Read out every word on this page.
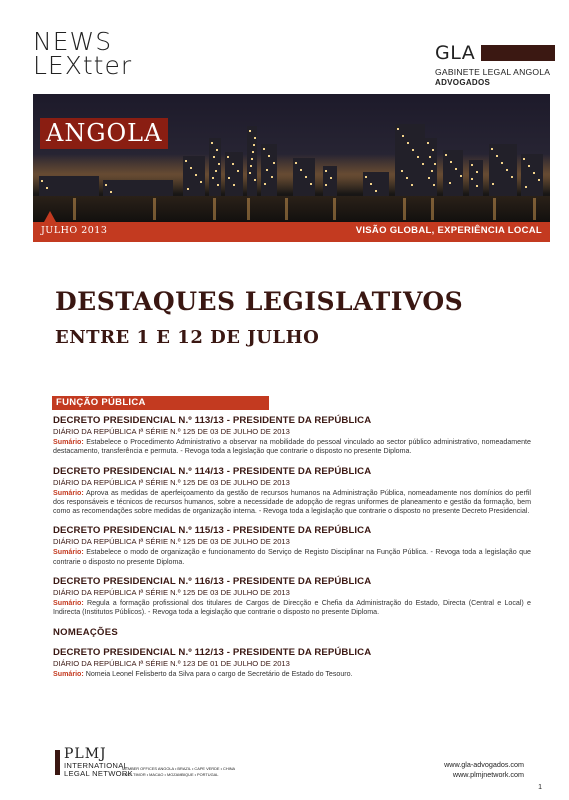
NEWS
LEXtter	GLA
GABINETE LEGAL ANGOLA
ADVOGADOS
ANGOLA
JULHO 2013	VISÃO GLOBAL, EXPERIÊNCIA LOCAL
DESTAQUES LEGISLATIVOS
ENTRE 1 E 12 DE JULHO
FUNÇÃO PÚBLICA
DECRETO PRESIDENCIAL N.º 113/13 - PRESIDENTE DA REPÚBLICA
DIÁRIO DA REPÚBLICA Iª SÉRIE N.º 125 DE 03 DE JULHO DE 2013
Sumário: Estabelece o Procedimento Administrativo a observar na mobilidade do pessoal vinculado ao sector público administrativo, nomeadamente destacamento, transferência e permuta. - Revoga toda a legislação que contrarie o disposto no presente Diploma.
DECRETO PRESIDENCIAL N.º 114/13 - PRESIDENTE DA REPÚBLICA
DIÁRIO DA REPÚBLICA Iª SÉRIE N.º 125 DE 03 DE JULHO DE 2013
Sumário: Aprova as medidas de aperfeiçoamento da gestão de recursos humanos na Administração Pública, nomeadamente nos domínios do perfil dos responsáveis e técnicos de recursos humanos, sobre a necessidade de adopção de regras uniformes de planeamento e gestão da formação, bem como as recomendações sobre medidas de organização interna. - Revoga toda a legislação que contrarie o disposto no presente Decreto Presidencial.
DECRETO PRESIDENCIAL N.º 115/13 - PRESIDENTE DA REPÚBLICA
DIÁRIO DA REPÚBLICA Iª SÉRIE N.º 125 DE 03 DE JULHO DE 2013
Sumário: Estabelece o modo de organização e funcionamento do Serviço de Registo Disciplinar na Função Pública. - Revoga toda a legislação que contrarie o disposto no presente Diploma.
DECRETO PRESIDENCIAL N.º 116/13 - PRESIDENTE DA REPÚBLICA
DIÁRIO DA REPÚBLICA Iª SÉRIE N.º 125 DE 03 DE JULHO DE 2013
Sumário: Regula a formação profissional dos titulares de Cargos de Direcção e Chefia da Administração do Estado, Directa (Central e Local) e Indirecta (Institutos Públicos). - Revoga toda a legislação que contrarie o disposto no presente Diploma.
NOMEAÇÕES
DECRETO PRESIDENCIAL N.º 112/13 - PRESIDENTE DA REPÚBLICA
DIÁRIO DA REPÚBLICA Iª SÉRIE N.º 123 DE 01 DE JULHO DE 2013
Sumário: Nomeia Leonel Felisberto da Silva para o cargo de Secretário de Estado do Tesouro.
PLMJ
INTERNATIONAL
LEGAL NETWORK
MEMBER OFFICES ANGOLA • BRAZIL • CAPE VERDE • CHINA
EAST TIMOR • MACAO • MOZAMBIQUE • PORTUGAL
www.gla-advogados.com
www.plmjnetwork.com
1
